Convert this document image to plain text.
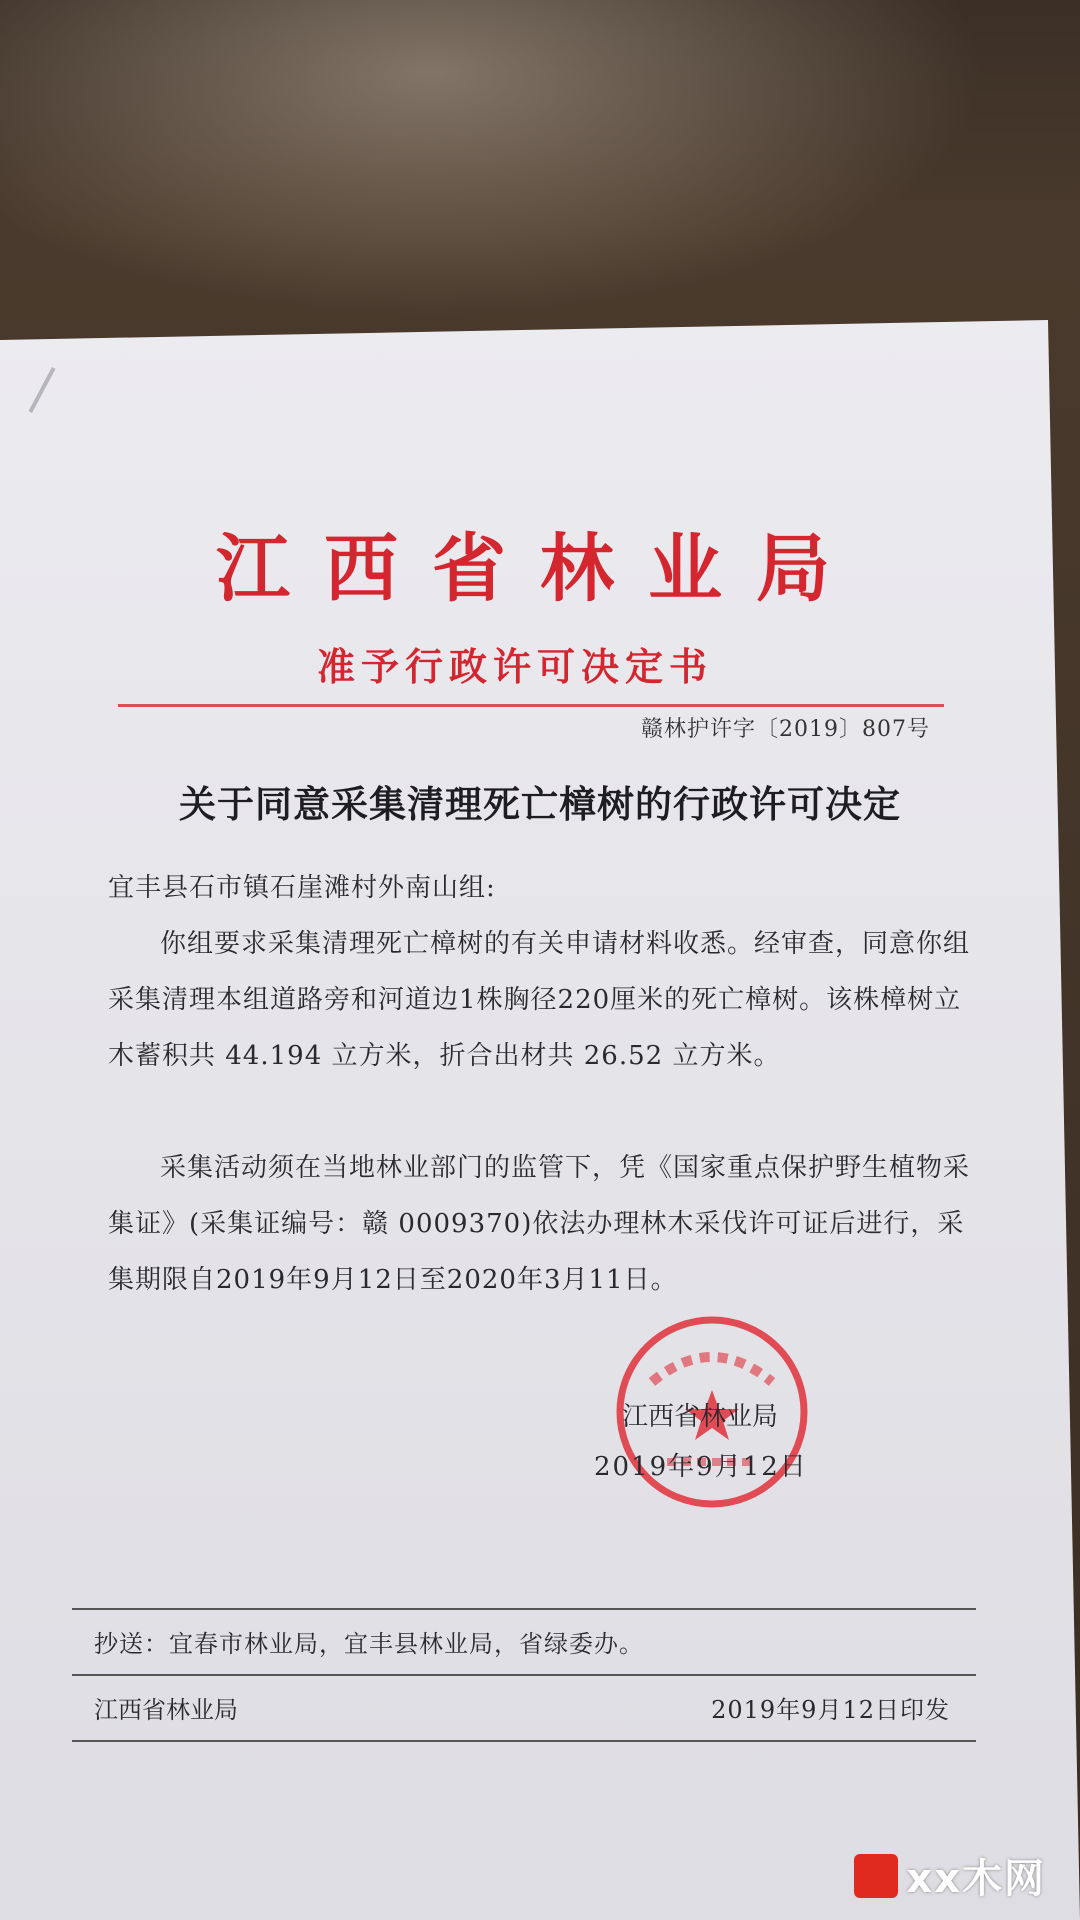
江西省林业局
准予行政许可决定书
赣林护许字〔2019〕807号
关于同意采集清理死亡樟树的行政许可决定
宜丰县石市镇石崖滩村外南山组:
你组要求采集清理死亡樟树的有关申请材料收悉。经审查，同意你组采集清理本组道路旁和河道边1株胸径220厘米的死亡樟树。该株樟树立木蓄积共 44.194 立方米，折合出材共 26.52 立方米。
采集活动须在当地林业部门的监管下，凭《国家重点保护野生植物采集证》(采集证编号：赣 0009370)依法办理林木采伐许可证后进行，采集期限自2019年9月12日至2020年3月11日。
江西省林业局
2019年9月12日
抄送：宜春市林业局，宜丰县林业局，省绿委办。
江西省林业局	2019年9月12日印发
xx木网
